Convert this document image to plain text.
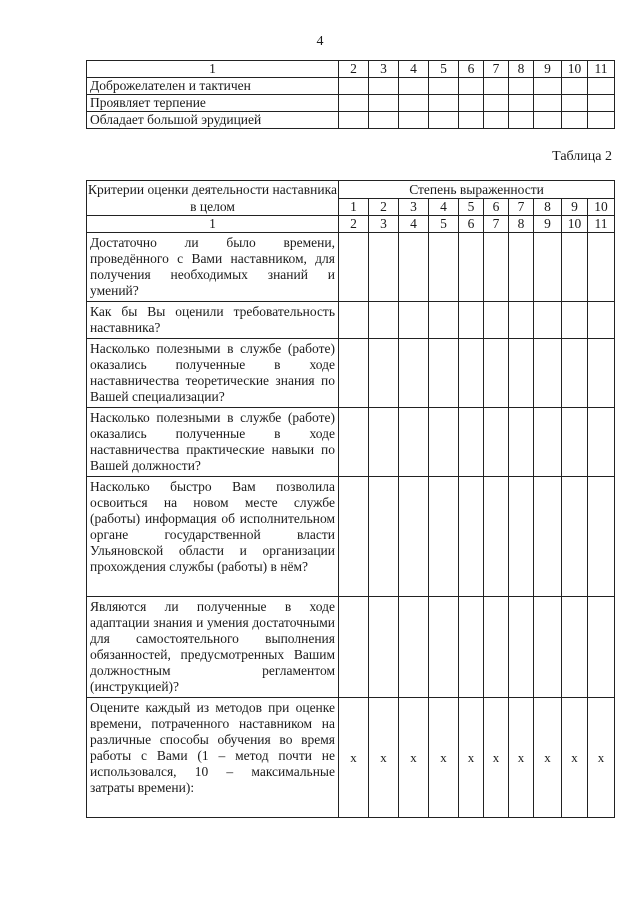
4
1	2	3	4	5	6	7	8	9	10	11
Доброжелателен и тактичен										
Проявляет терпение										
Обладает большой эрудицией										
Таблица 2
Критерии оценки деятельности наставника в целом	Степень выраженности									
	1	2	3	4	5	6	7	8	9	10
1	2	3	4	5	6	7	8	9	10	11
Достаточно ли было времени, проведённого с Вами наставником, для получения необходимых знаний и умений?										
Как бы Вы оценили требовательность наставника?										
Насколько полезными в службе (работе) оказались полученные в ходе наставничества теоретические знания по Вашей специализации?										
Насколько полезными в службе (работе) оказались полученные в ходе наставничества практические навыки по Вашей должности?										
Насколько быстро Вам позволила освоиться на новом месте службе (работы) информация об исполнительном органе государственной власти Ульяновской области и организации прохождения службы (работы) в нём?										
Являются ли полученные в ходе адаптации знания и умения достаточными для самостоятельного выполнения обязанностей, предусмотренных Вашим должностным регламентом (инструкцией)?										
Оцените каждый из методов при оценке времени, потраченного наставником на различные способы обучения во время работы с Вами (1 – метод почти не использовался, 10 – максимальные затраты времени):	x	x	x	x	x	x	x	x	x	x
